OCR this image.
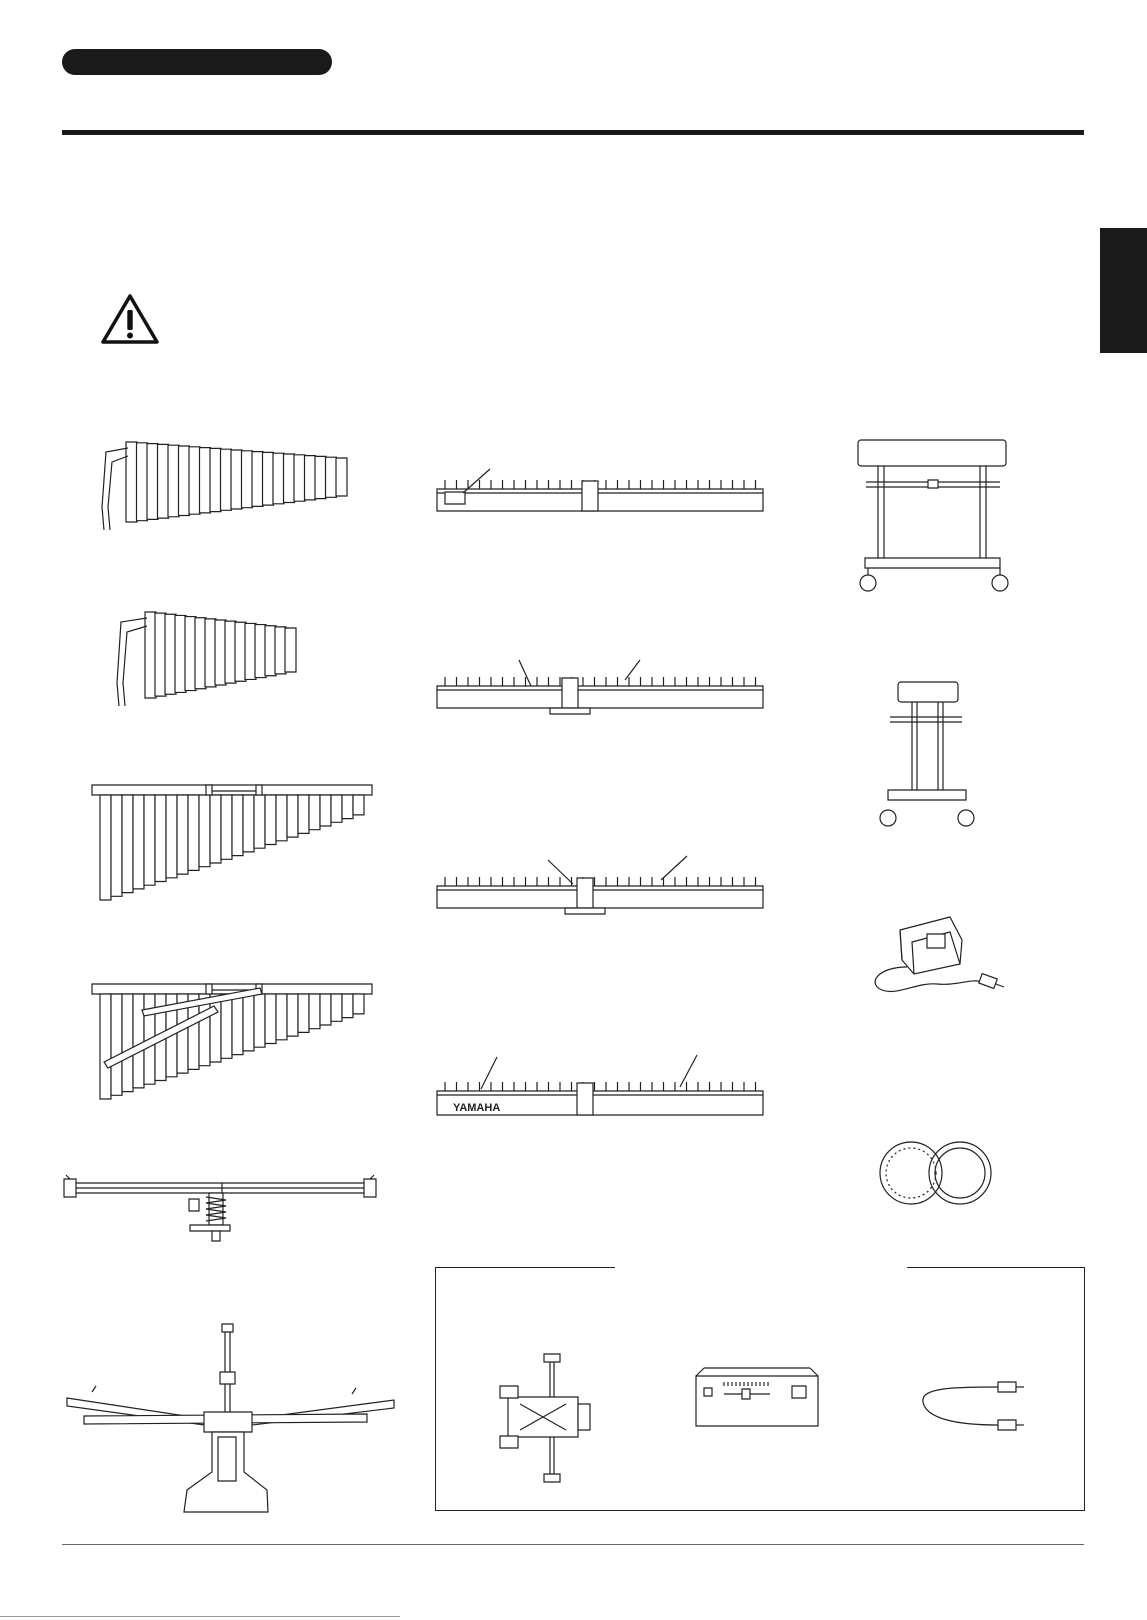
YAMAHA
